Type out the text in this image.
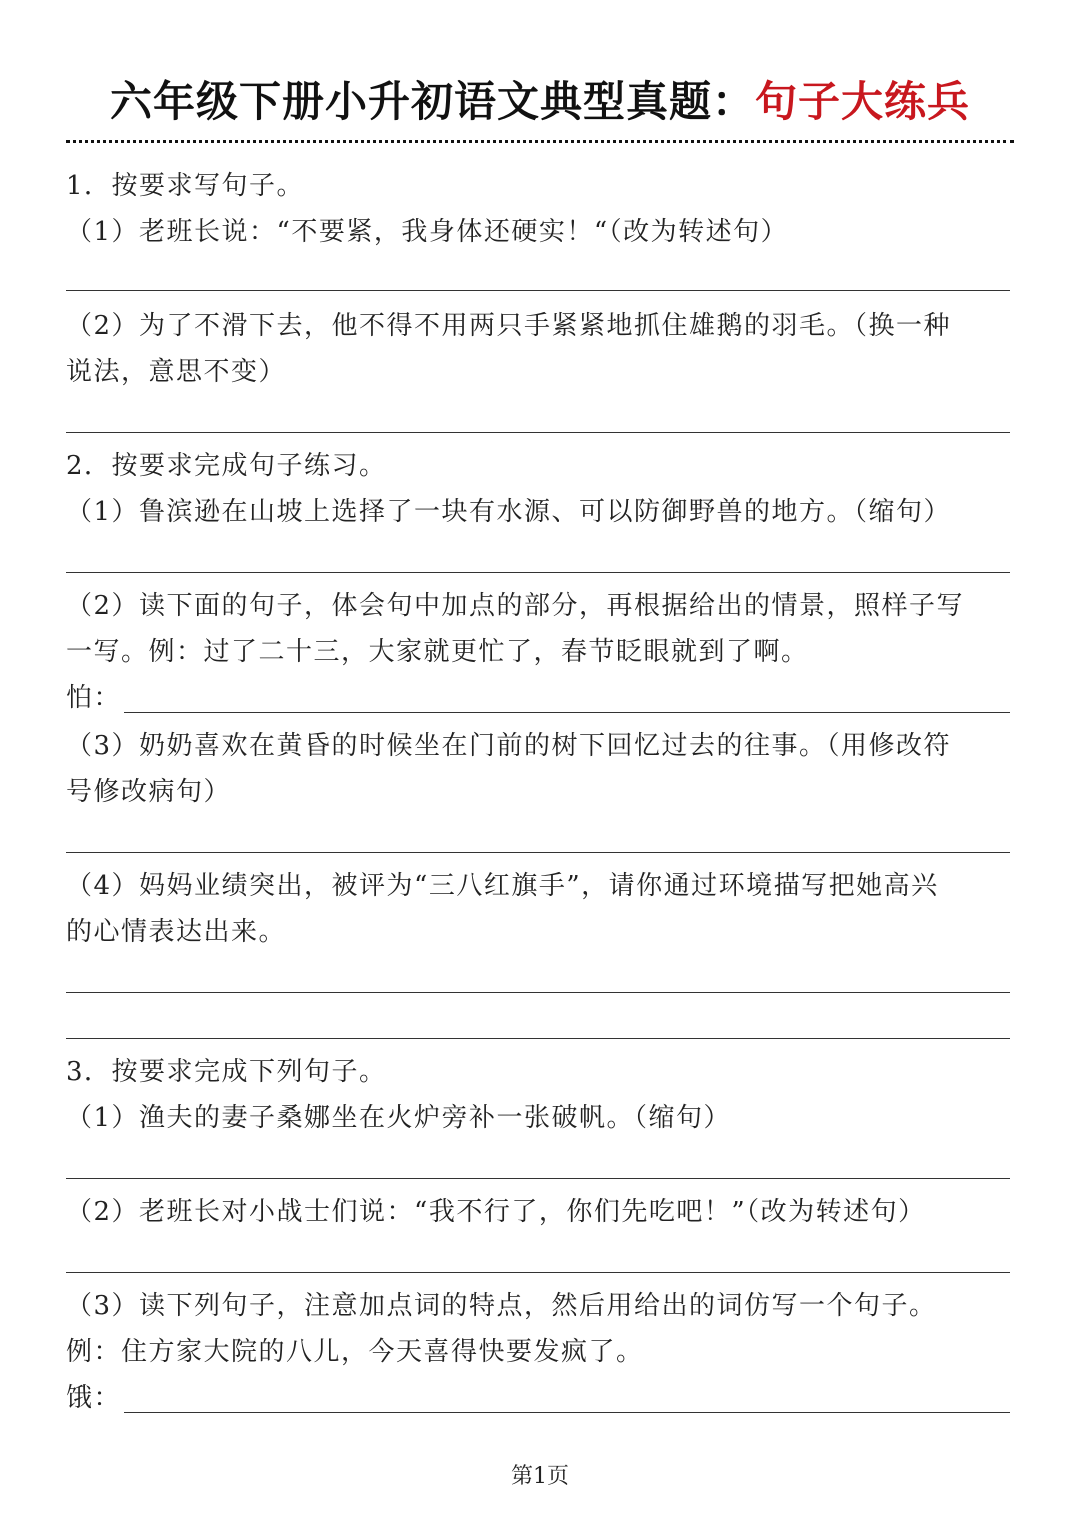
六年级下册小升初语文典型真题：句子大练兵
1．按要求写句子。
（1）老班长说：“不要紧，我身体还硬实！“（改为转述句）
（2）为了不滑下去，他不得不用两只手紧紧地抓住雄鹅的羽毛。（换一种
说法，意思不变）
2．按要求完成句子练习。
（1）鲁滨逊在山坡上选择了一块有水源、可以防御野兽的地方。（缩句）
（2）读下面的句子，体会句中加点的部分，再根据给出的情景，照样子写
一写。例：过了二十三，大家就更忙了，春节眨眼就到了啊。
怕：
（3）奶奶喜欢在黄昏的时候坐在门前的树下回忆过去的往事。（用修改符
号修改病句）
（4）妈妈业绩突出，被评为“三八红旗手”，请你通过环境描写把她高兴
的心情表达出来。
3．按要求完成下列句子。
（1）渔夫的妻子桑娜坐在火炉旁补一张破帆。（缩句）
（2）老班长对小战士们说：“我不行了，你们先吃吧！”（改为转述句）
（3）读下列句子，注意加点词的特点，然后用给出的词仿写一个句子。
例：住方家大院的八儿，今天喜得快要发疯了。
饿：
第1页
